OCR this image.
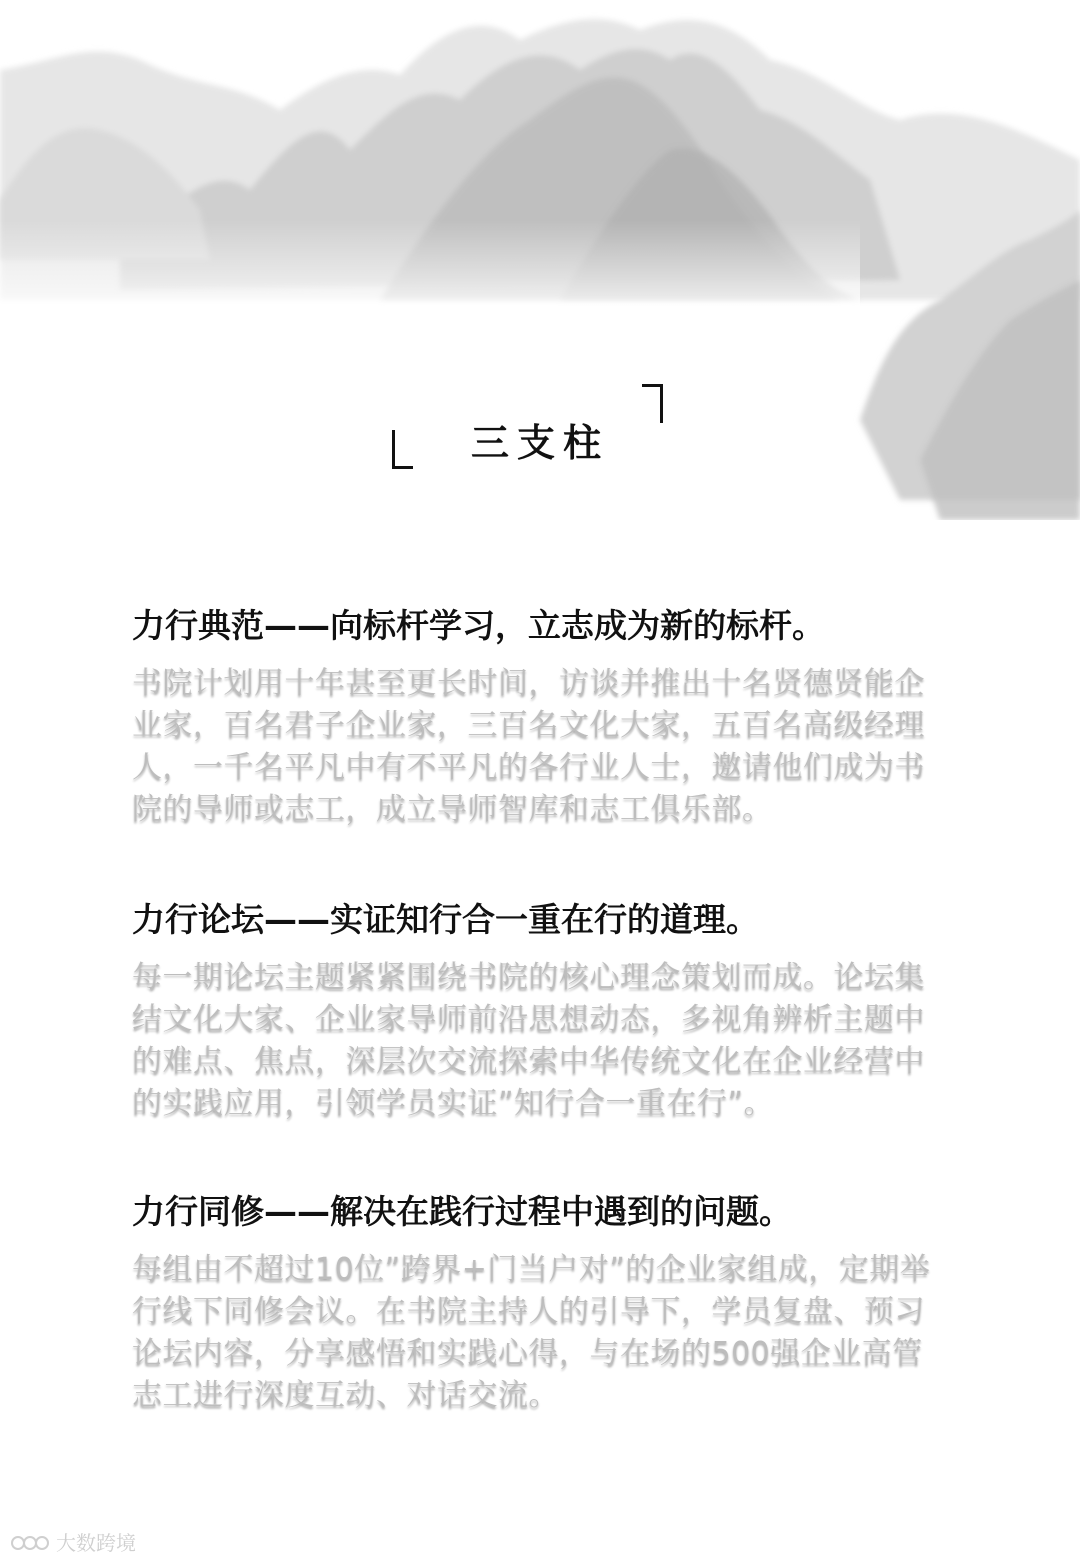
三支柱
力行典范——向标杆学习，立志成为新的标杆。

书院计划用十年甚至更长时间，访谈并推出十名贤德贤能企业家，百名君子企业家，三百名文化大家，五百名高级经理人，一千名平凡中有不平凡的各行业人士，邀请他们成为书院的导师或志工，成立导师智库和志工俱乐部。

力行论坛——实证知行合一重在行的道理。

每一期论坛主题紧紧围绕书院的核心理念策划而成。论坛集结文化大家、企业家导师前沿思想动态，多视角辨析主题中的难点、焦点，深层次交流探索中华传统文化在企业经营中的实践应用，引领学员实证”知行合一重在行”。

力行同修——解决在践行过程中遇到的问题。

每组由不超过10位”跨界+门当户对”的企业家组成，定期举行线下同修会议。在书院主持人的引导下，学员复盘、预习论坛内容，分享感悟和实践心得，与在场的500强企业高管志工进行深度互动、对话交流。

大数跨境
